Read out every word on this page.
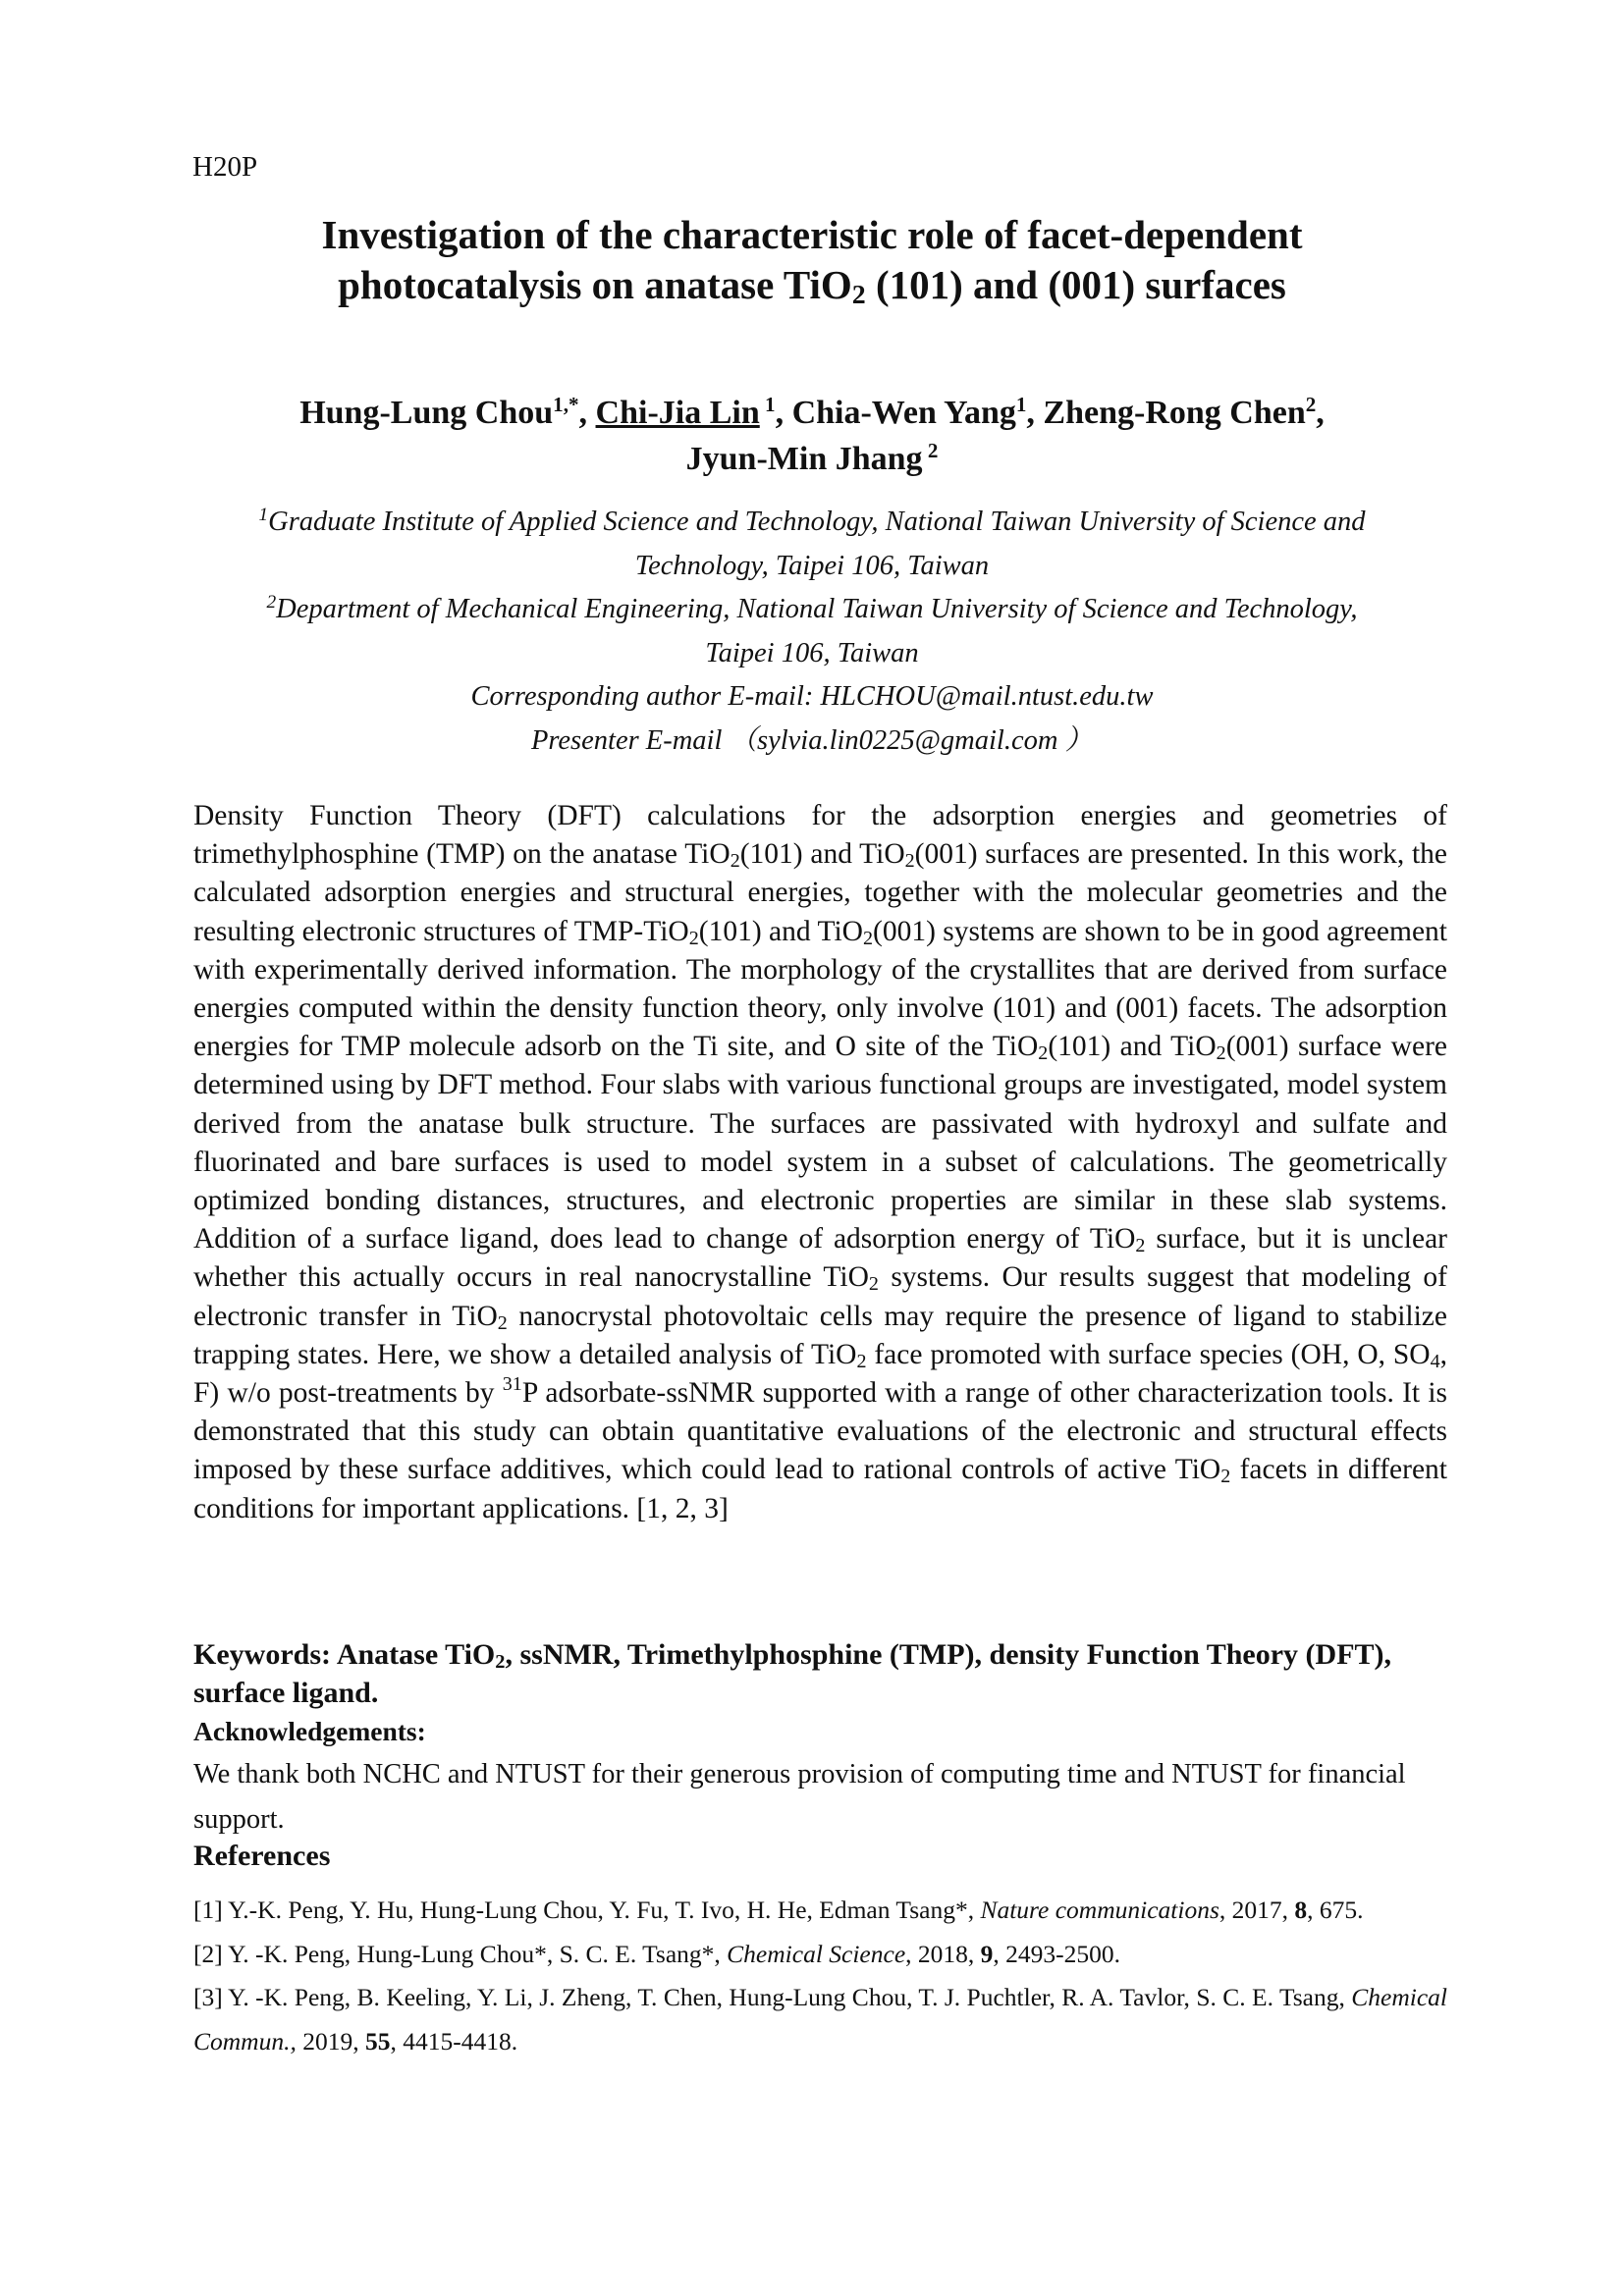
H20P
Investigation of the characteristic role of facet-dependent
photocatalysis on anatase TiO$_2$ (101) and (001) surfaces
Hung-Lung Chou$^{1,*}$, Chi-Jia Lin $^1$, Chia-Wen Yang$^1$, Zheng-Rong Chen$^2$,
Jyun-Min Jhang $^2$
$^1$Graduate Institute of Applied Science and Technology, National Taiwan University of Science and
Technology, Taipei 106, Taiwan
$^2$Department of Mechanical Engineering, National Taiwan University of Science and Technology,
Taipei 106, Taiwan
Corresponding author E-mail: HLCHOU@mail.ntust.edu.tw
Presenter E-mail （sylvia.lin0225@gmail.com ）
Density Function Theory (DFT) calculations for the adsorption energies and geometries of trimethylphosphine (TMP) on the anatase TiO$_2$(101) and TiO$_2$(001) surfaces are presented. In this work, the calculated adsorption energies and structural energies, together with the molecular geometries and the resulting electronic structures of TMP-TiO$_2$(101) and TiO$_2$(001) systems are shown to be in good agreement with experimentally derived information. The morphology of the crystallites that are derived from surface energies computed within the density function theory, only involve (101) and (001) facets. The adsorption energies for TMP molecule adsorb on the Ti site, and O site of the TiO$_2$(101) and TiO$_2$(001) surface were determined using by DFT method. Four slabs with various functional groups are investigated, model system derived from the anatase bulk structure. The surfaces are passivated with hydroxyl and sulfate and fluorinated and bare surfaces is used to model system in a subset of calculations. The geometrically optimized bonding distances, structures, and electronic properties are similar in these slab systems. Addition of a surface ligand, does lead to change of adsorption energy of TiO$_2$ surface, but it is unclear whether this actually occurs in real nanocrystalline TiO$_2$ systems. Our results suggest that modeling of electronic transfer in TiO$_2$ nanocrystal photovoltaic cells may require the presence of ligand to stabilize trapping states. Here, we show a detailed analysis of TiO$_2$ face promoted with surface species (OH, O, $SO_4$, F) w/o post-treatments by $^{31}$P adsorbate-ssNMR supported with a range of other characterization tools. It is demonstrated that this study can obtain quantitative evaluations of the electronic and structural effects imposed by these surface additives, which could lead to rational controls of active TiO$_2$ facets in different conditions for important applications. [1, 2, 3]
Keywords: Anatase TiO$_2$, ssNMR, Trimethylphosphine (TMP), density Function Theory (DFT), surface ligand.
Acknowledgements:
We thank both NCHC and NTUST for their generous provision of computing time and NTUST for financial support.
References
[1] Y.-K. Peng, Y. Hu, Hung-Lung Chou, Y. Fu, T. Ivo, H. He, Edman Tsang*, Nature communications, 2017, 8, 675.
[2] Y. -K. Peng, Hung-Lung Chou*, S. C. E. Tsang*, Chemical Science, 2018, 9, 2493-2500.
[3] Y. -K. Peng, B. Keeling, Y. Li, J. Zheng, T. Chen, Hung-Lung Chou, T. J. Puchtler, R. A. Tavlor, S. C. E. Tsang, Chemical Commun., 2019, 55, 4415-4418.
